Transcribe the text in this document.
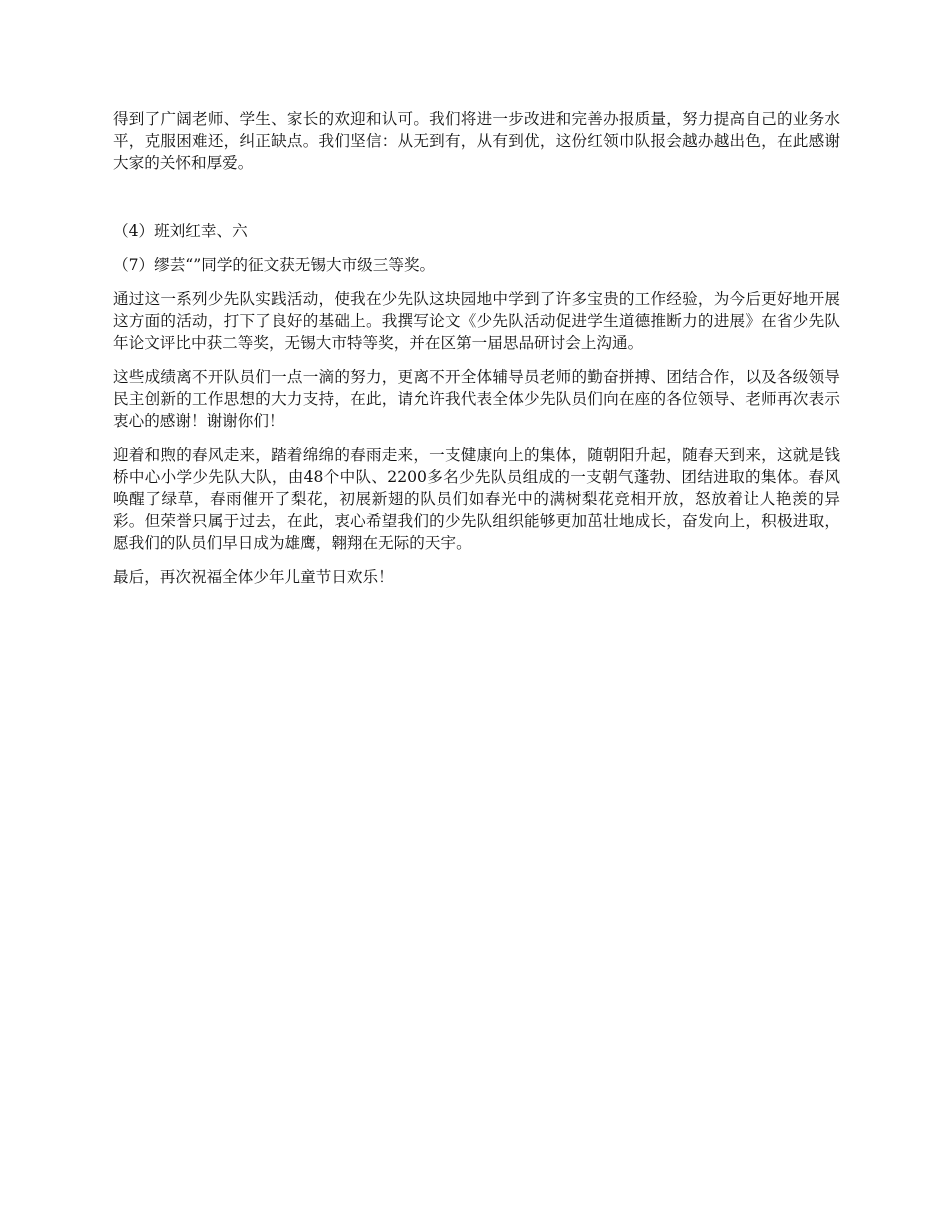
得到了广阔老师、学生、家长的欢迎和认可。我们将进一步改进和完善办报质量，努力提高自己的业务水平，克服困难还，纠正缺点。我们坚信：从无到有，从有到优，这份红领巾队报会越办越出色，在此感谢大家的关怀和厚爱。

（4）班刘红幸、六

（7）缪芸“”同学的征文获无锡大市级三等奖。

通过这一系列少先队实践活动，使我在少先队这块园地中学到了许多宝贵的工作经验，为今后更好地开展这方面的活动，打下了良好的基础上。我撰写论文《少先队活动促进学生道德推断力的进展》在省少先队年论文评比中获二等奖，无锡大市特等奖，并在区第一届思品研讨会上沟通。

这些成绩离不开队员们一点一滴的努力，更离不开全体辅导员老师的勤奋拼搏、团结合作，以及各级领导民主创新的工作思想的大力支持，在此，请允许我代表全体少先队员们向在座的各位领导、老师再次表示衷心的感谢！谢谢你们！

迎着和煦的春风走来，踏着绵绵的春雨走来，一支健康向上的集体，随朝阳升起，随春天到来，这就是钱桥中心小学少先队大队，由48个中队、2200多名少先队员组成的一支朝气蓬勃、团结进取的集体。春风唤醒了绿草，春雨催开了梨花，初展新翅的队员们如春光中的满树梨花竞相开放，怒放着让人艳羡的异彩。但荣誉只属于过去，在此，衷心希望我们的少先队组织能够更加茁壮地成长，奋发向上，积极进取，愿我们的队员们早日成为雄鹰，翱翔在无际的天宇。

最后，再次祝福全体少年儿童节日欢乐！
